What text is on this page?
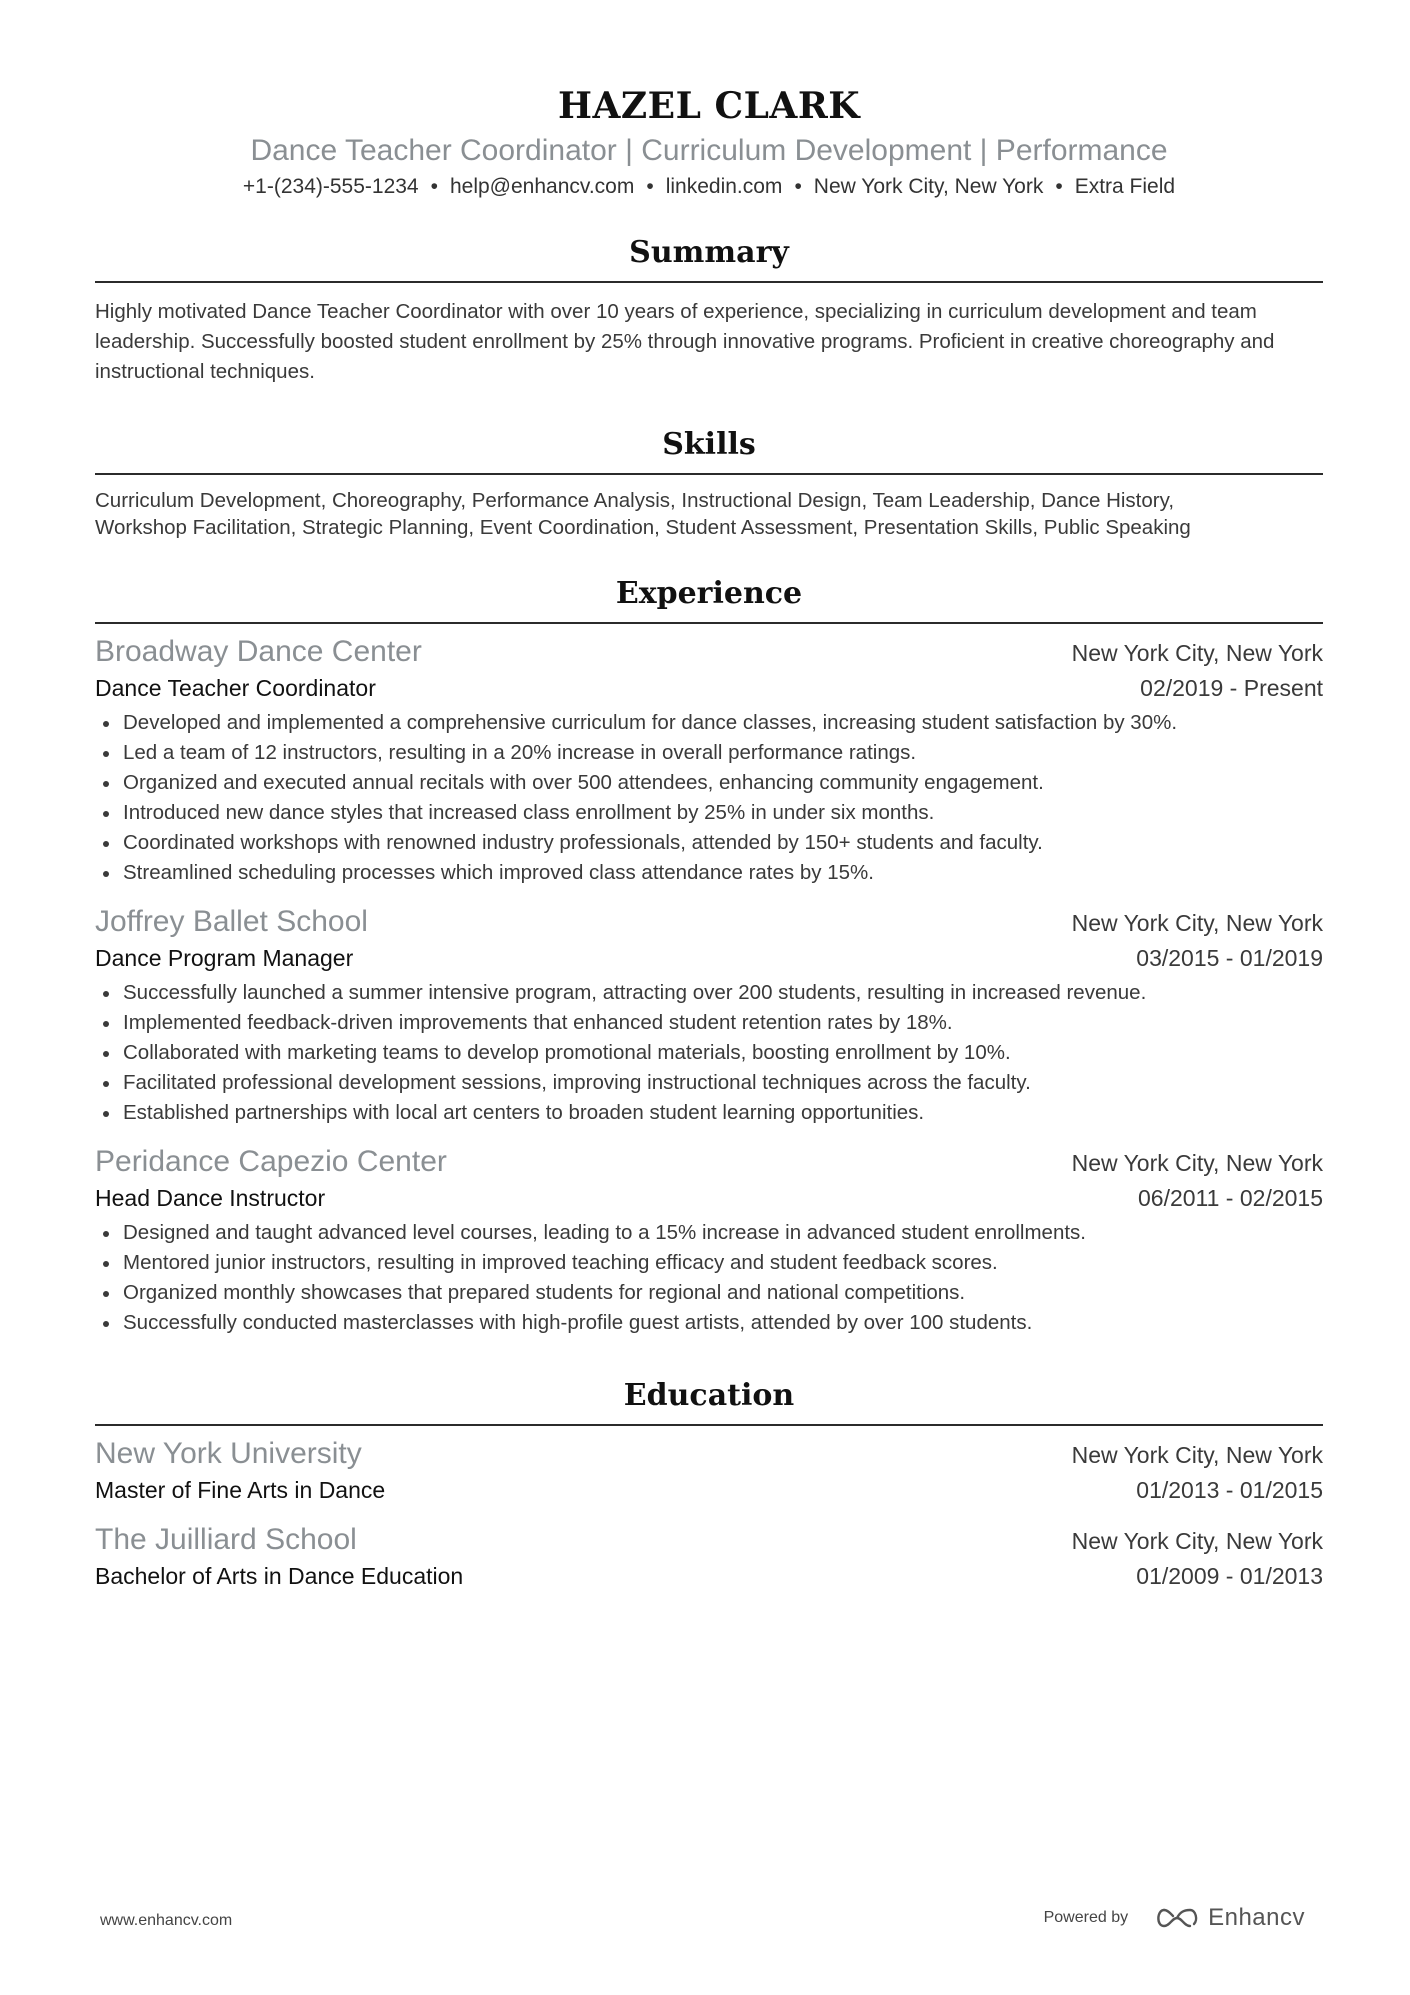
HAZEL CLARK
Dance Teacher Coordinator | Curriculum Development | Performance
+1-(234)-555-1234 • help@enhancv.com • linkedin.com • New York City, New York • Extra Field
Summary
Highly motivated Dance Teacher Coordinator with over 10 years of experience, specializing in curriculum development and team leadership. Successfully boosted student enrollment by 25% through innovative programs. Proficient in creative choreography and instructional techniques.
Skills
Curriculum Development, Choreography, Performance Analysis, Instructional Design, Team Leadership, Dance History,
Workshop Facilitation, Strategic Planning, Event Coordination, Student Assessment, Presentation Skills, Public Speaking
Experience
Broadway Dance Center	New York City, New York
Dance Teacher Coordinator	02/2019 - Present
Developed and implemented a comprehensive curriculum for dance classes, increasing student satisfaction by 30%.
Led a team of 12 instructors, resulting in a 20% increase in overall performance ratings.
Organized and executed annual recitals with over 500 attendees, enhancing community engagement.
Introduced new dance styles that increased class enrollment by 25% in under six months.
Coordinated workshops with renowned industry professionals, attended by 150+ students and faculty.
Streamlined scheduling processes which improved class attendance rates by 15%.
Joffrey Ballet School	New York City, New York
Dance Program Manager	03/2015 - 01/2019
Successfully launched a summer intensive program, attracting over 200 students, resulting in increased revenue.
Implemented feedback-driven improvements that enhanced student retention rates by 18%.
Collaborated with marketing teams to develop promotional materials, boosting enrollment by 10%.
Facilitated professional development sessions, improving instructional techniques across the faculty.
Established partnerships with local art centers to broaden student learning opportunities.
Peridance Capezio Center	New York City, New York
Head Dance Instructor	06/2011 - 02/2015
Designed and taught advanced level courses, leading to a 15% increase in advanced student enrollments.
Mentored junior instructors, resulting in improved teaching efficacy and student feedback scores.
Organized monthly showcases that prepared students for regional and national competitions.
Successfully conducted masterclasses with high-profile guest artists, attended by over 100 students.
Education
New York University	New York City, New York
Master of Fine Arts in Dance	01/2013 - 01/2015
The Juilliard School	New York City, New York
Bachelor of Arts in Dance Education	01/2009 - 01/2013
www.enhancv.com	Powered by	Enhancv
